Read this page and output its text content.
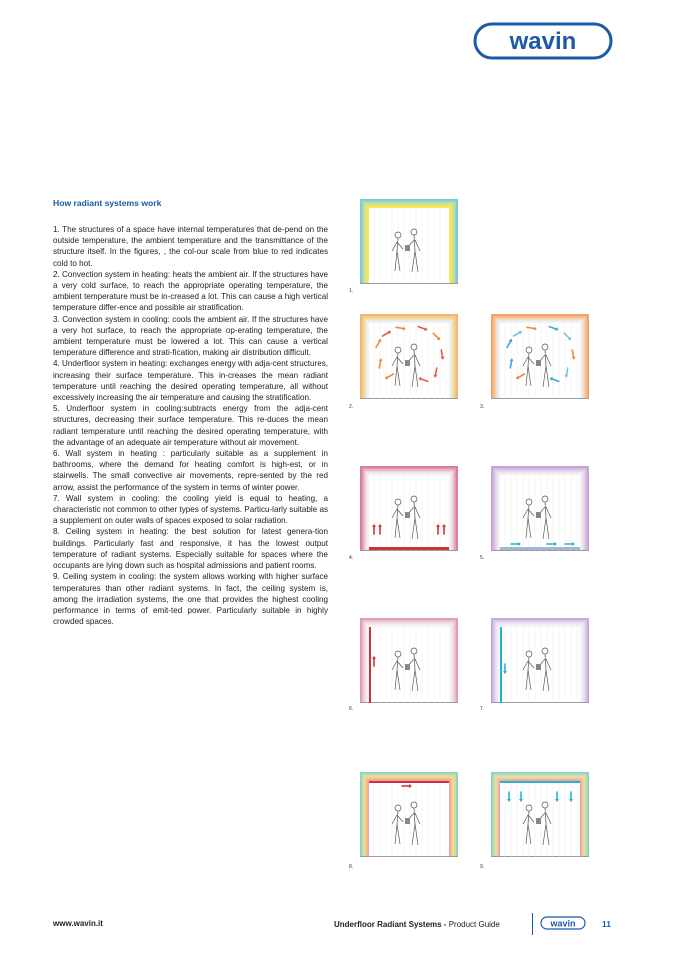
wavin
How radiant systems work

1. The structures of a space have internal temperatures that de-pend on the outside temperature, the ambient temperature and the transmittance of the structure itself. In the figures, , the col-our scale from blue to red indicates cold to hot.

2. Convection system in heating: heats the ambient air. If the structures have a very cold surface, to reach the appropriate operating temperature, the ambient temperature must be in-creased a lot. This can cause a high vertical temperature differ-ence and possible air stratification.

3. Convection system in cooling: cools the ambient air. If the structures have a very hot surface, to reach the appropriate op-erating temperature, the ambient temperature must be lowered a lot. This can cause a vertical temperature difference and strati-fication, making air distribution difficult.

4. Underfloor system in heating: exchanges energy with adja-cent structures, increasing their surface temperature. This in-creases the mean radiant temperature until reaching the desired operating temperature, all without excessively increasing the air temperature and causing the stratification.

5. Underfloor system in cooling:subtracts energy from the adja-cent structures, decreasing their surface temperature. This re-duces the mean radiant temperature until reaching the desired operating temperature, with the advantage of an adequate air temperature without air movement.

6. Wall system in heating : particularly suitable as a supplement in bathrooms, where the demand for heating comfort is high-est, or in stairwells. The small convective air movements, repre-sented by the red arrow, assist the performance of the system in terms of winter power.

7. Wall system in cooling: the cooling yield is equal to heating, a characteristic not common to other types of systems. Particu-larly suitable as a supplement on outer walls of spaces exposed to solar radiation.

8. Ceiling system in heating: the best solution for latest genera-tion buildings. Particularly fast and responsive, it has the lowest output temperature of radiant systems. Especially suitable for spaces where the occupants are lying down such as hospital admissions and patient rooms.

9. Ceiling system in cooling: the system allows working with higher surface temperatures than other radiant systems. In fact, the ceiling system is, among the irradiation systems, the one that provides the highest cooling performance in terms of emit-ted power. Particularly suitable in highly crowded spaces.

1.
2.	3.
4.	5.
6.	7.
8.	9.
www.wavin.it	Underfloor Radiant Systems - Product Guide	wavin	11
